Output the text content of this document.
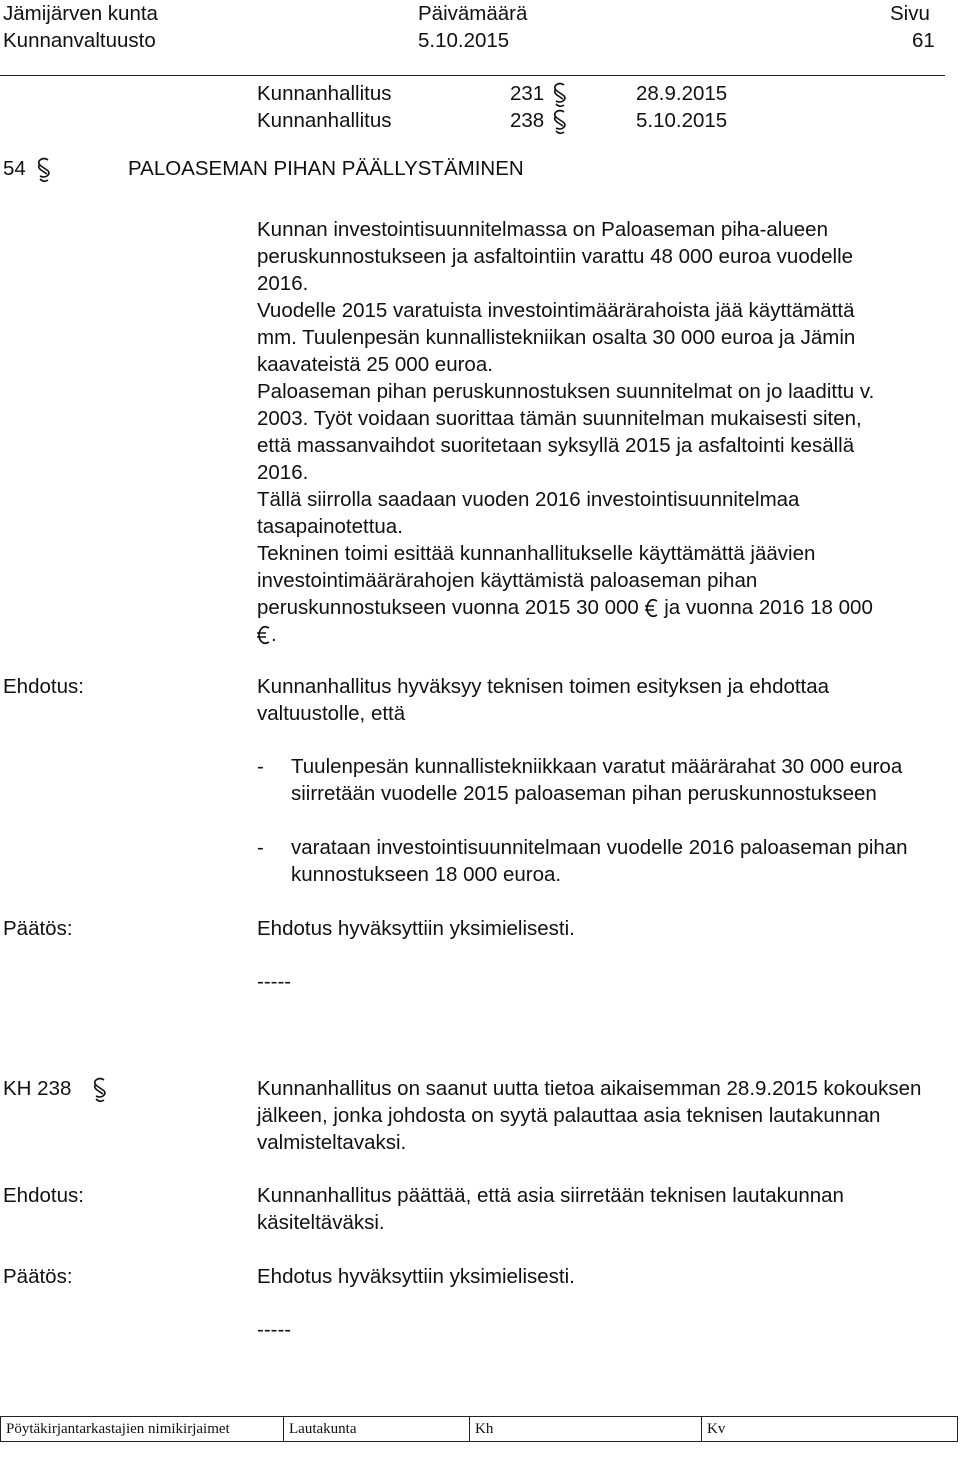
Jämijärven kunta
Kunnanvaltuusto
Päivämäärä
5.10.2015
Sivu
61
Kunnanhallitus	231	28.9.2015
Kunnanhallitus	238	5.10.2015
54	PALOASEMAN PIHAN PÄÄLLYSTÄMINEN
Kunnan investointisuunnitelmassa on Paloaseman piha-alueen
peruskunnostukseen ja asfaltointiin varattu 48 000 euroa vuodelle
2016.
Vuodelle 2015 varatuista investointimäärärahoista jää käyttämättä
mm. Tuulenpesän kunnallistekniikan osalta 30 000 euroa ja Jämin
kaavateistä 25 000 euroa.
Paloaseman pihan peruskunnostuksen suunnitelmat on jo laadittu v.
2003. Työt voidaan suorittaa tämän suunnitelman mukaisesti siten,
että massanvaihdot suoritetaan syksyllä 2015 ja asfaltointi kesällä
2016.
Tällä siirrolla saadaan vuoden 2016 investointisuunnitelmaa
tasapainotettua.
Tekninen toimi esittää kunnanhallitukselle käyttämättä jäävien
investointimäärärahojen käyttämistä paloaseman pihan
peruskunnostukseen vuonna 2015 30 000 ja vuonna 2016 18 000
.
Ehdotus:	Kunnanhallitus hyväksyy teknisen toimen esityksen ja ehdottaa valtuustolle, että
- Tuulenpesän kunnallistekniikkaan varatut määrärahat 30 000 euroa siirretään vuodelle 2015 paloaseman pihan peruskunnostukseen
- varataan investointisuunnitelmaan vuodelle 2016 paloaseman pihan kunnostukseen 18 000 euroa.
Päätös:	Ehdotus hyväksyttiin yksimielisesti.
-----
KH 238	Kunnanhallitus on saanut uutta tietoa aikaisemman 28.9.2015 kokouksen jälkeen, jonka johdosta on syytä palauttaa asia teknisen lautakunnan valmisteltavaksi.
Ehdotus:	Kunnanhallitus päättää, että asia siirretään teknisen lautakunnan käsiteltäväksi.
Päätös:	Ehdotus hyväksyttiin yksimielisesti.
-----
Pöytäkirjantarkastajien nimikirjaimet	Lautakunta	Kh	Kv
